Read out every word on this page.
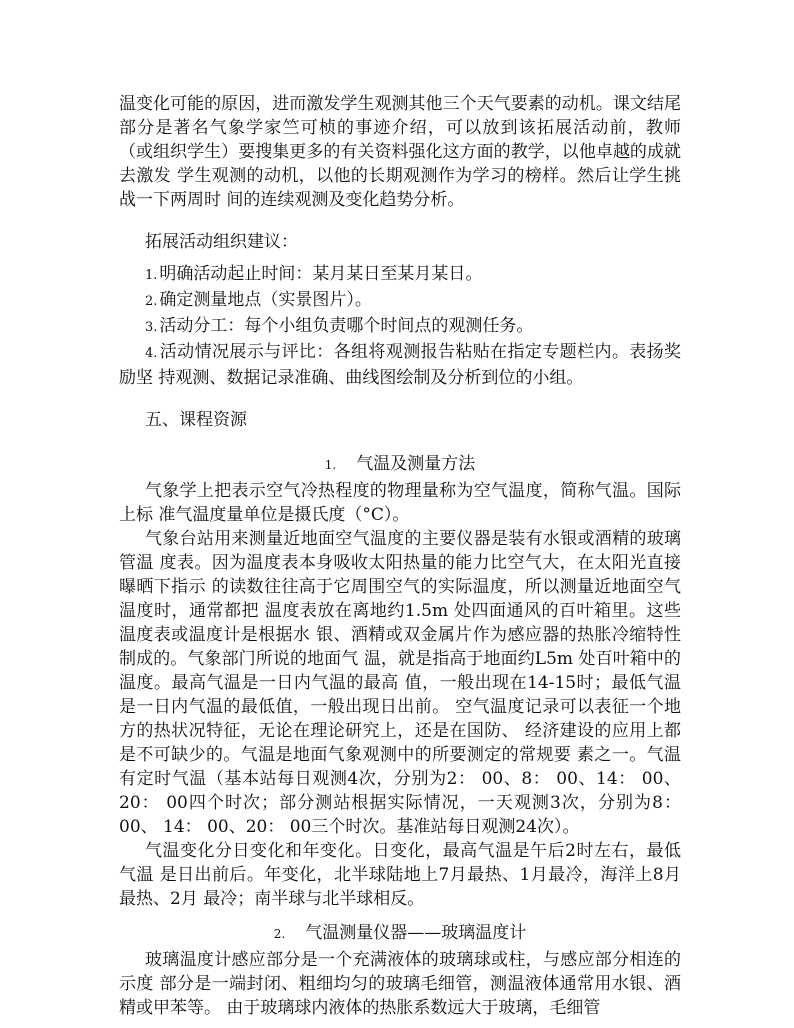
温变化可能的原因，进而激发学生观测其他三个天气要素的动机。课文结尾部分是著名气象学家竺可桢的事迹介绍，可以放到该拓展活动前，教师 （或组织学生）要搜集更多的有关资料强化这方面的教学，以他卓越的成就去激发 学生观测的动机，以他的长期观测作为学习的榜样。然后让学生挑战一下两周时 间的连续观测及变化趋势分析。

拓展活动组织建议：

1. 明确活动起止时间：某月某日至某月某日。

2. 确定测量地点（实景图片）。

3. 活动分工：每个小组负责哪个时间点的观测任务。

4. 活动情况展示与评比：各组将观测报告粘贴在指定专题栏内。表扬奖励坚 持观测、数据记录准确、曲线图绘制及分析到位的小组。

五、课程资源

1. 气温及测量方法

气象学上把表示空气冷热程度的物理量称为空气温度，简称气温。国际上标 准气温度量单位是摄氏度（°C）。

气象台站用来测量近地面空气温度的主要仪器是装有水银或酒精的玻璃管温 度表。因为温度表本身吸收太阳热量的能力比空气大，在太阳光直接曝晒下指示 的读数往往高于它周围空气的实际温度，所以测量近地面空气温度时，通常都把 温度表放在离地约1.5m 处四面通风的百叶箱里。这些温度表或温度计是根据水 银、酒精或双金属片作为感应器的热胀冷缩特性制成的。气象部门所说的地面气 温，就是指高于地面约L5m 处百叶箱中的温度。最高气温是一日内气温的最高 值，一般出现在14-15时；最低气温是一日内气温的最低值，一般出现日出前。 空气温度记录可以表征一个地方的热状况特征，无论在理论研究上，还是在国防、 经济建设的应用上都是不可缺少的。气温是地面气象观测中的所要测定的常规要 素之一。气温有定时气温（基本站每日观测4次，分别为2： 00、8： 00、14： 00、 20： 00四个时次；部分测站根据实际情况，一天观测3次，分别为8： 00、 14： 00、20： 00三个时次。基准站每日观测24次）。

气温变化分日变化和年变化。日变化，最高气温是午后2时左右，最低气温 是日出前后。年变化，北半球陆地上7月最热、1月最冷，海洋上8月最热、2月 最冷；南半球与北半球相反。

2. 气温测量仪器——玻璃温度计

玻璃温度计感应部分是一个充满液体的玻璃球或柱，与感应部分相连的示度 部分是一端封闭、粗细均匀的玻璃毛细管，测温液体通常用水银、酒精或甲苯等。 由于玻璃球内液体的热胀系数远大于玻璃，毛细管
